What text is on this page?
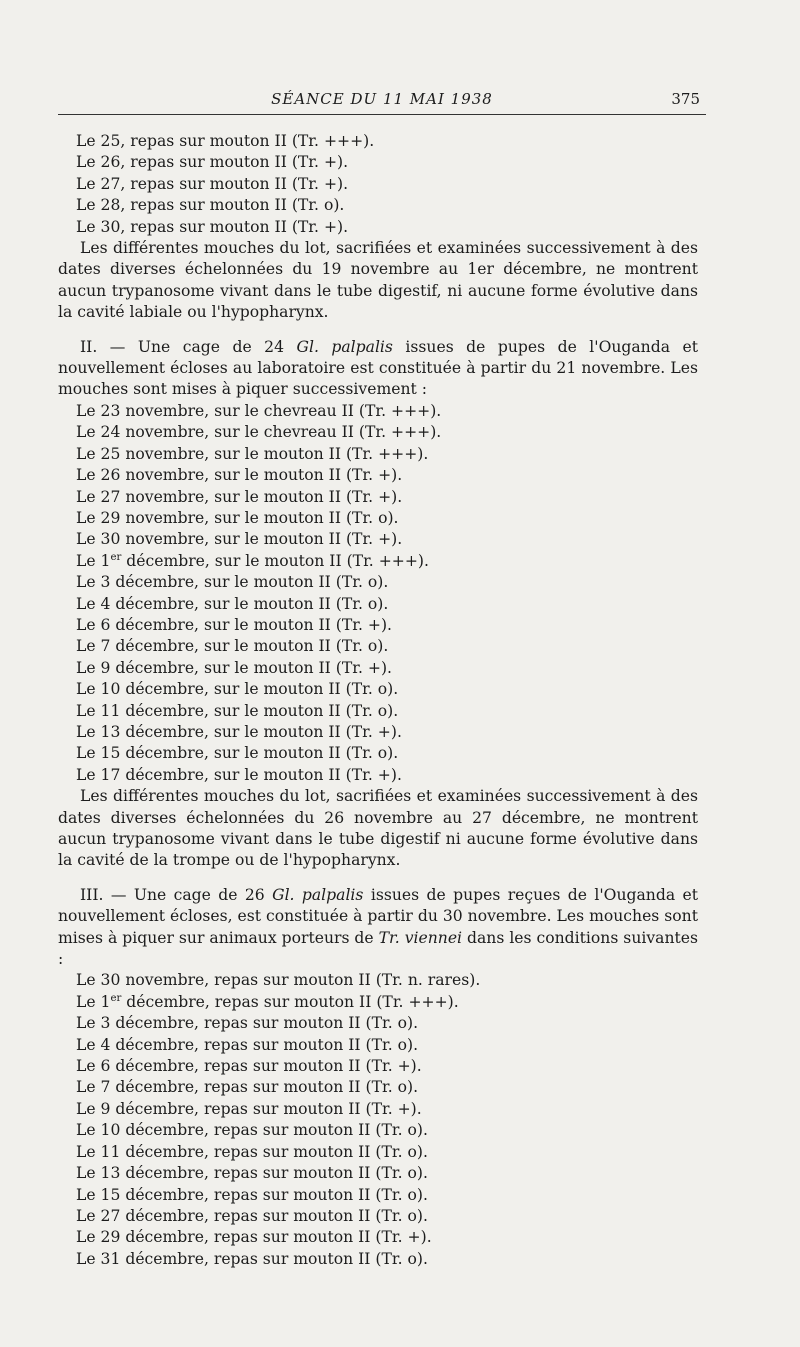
SÉANCE DU 11 MAI 1938	375

Le 25, repas sur mouton II (Tr. +++).

Le 26, repas sur mouton II (Tr. +).

Le 27, repas sur mouton II (Tr. +).

Le 28, repas sur mouton II (Tr. o).

Le 30, repas sur mouton II (Tr. +).

Les différentes mouches du lot, sacrifiées et examinées successivement à des dates diverses échelonnées du 19 novembre au 1er décembre, ne montrent aucun trypanosome vivant dans le tube digestif, ni aucune forme évolutive dans la cavité labiale ou l'hypopharynx.

II. — Une cage de 24 Gl. palpalis issues de pupes de l'Ouganda et nouvellement écloses au laboratoire est constituée à partir du 21 novembre. Les mouches sont mises à piquer successivement :

Le 23 novembre, sur le chevreau II (Tr. +++).

Le 24 novembre, sur le chevreau II (Tr. +++).

Le 25 novembre, sur le mouton II (Tr. +++).

Le 26 novembre, sur le mouton II (Tr. +).

Le 27 novembre, sur le mouton II (Tr. +).

Le 29 novembre, sur le mouton II (Tr. o).

Le 30 novembre, sur le mouton II (Tr. +).

Le 1er décembre, sur le mouton II (Tr. +++).

Le 3 décembre, sur le mouton II (Tr. o).

Le 4 décembre, sur le mouton II (Tr. o).

Le 6 décembre, sur le mouton II (Tr. +).

Le 7 décembre, sur le mouton II (Tr. o).

Le 9 décembre, sur le mouton II (Tr. +).

Le 10 décembre, sur le mouton II (Tr. o).

Le 11 décembre, sur le mouton II (Tr. o).

Le 13 décembre, sur le mouton II (Tr. +).

Le 15 décembre, sur le mouton II (Tr. o).

Le 17 décembre, sur le mouton II (Tr. +).

Les différentes mouches du lot, sacrifiées et examinées successivement à des dates diverses échelonnées du 26 novembre au 27 décembre, ne montrent aucun trypanosome vivant dans le tube digestif ni aucune forme évolutive dans la cavité de la trompe ou de l'hypopharynx.

III. — Une cage de 26 Gl. palpalis issues de pupes reçues de l'Ouganda et nouvellement écloses, est constituée à partir du 30 novembre. Les mouches sont mises à piquer sur animaux porteurs de Tr. viennei dans les conditions suivantes :

Le 30 novembre, repas sur mouton II (Tr. n. rares).

Le 1er décembre, repas sur mouton II (Tr. +++).

Le 3 décembre, repas sur mouton II (Tr. o).

Le 4 décembre, repas sur mouton II (Tr. o).

Le 6 décembre, repas sur mouton II (Tr. +).

Le 7 décembre, repas sur mouton II (Tr. o).

Le 9 décembre, repas sur mouton II (Tr. +).

Le 10 décembre, repas sur mouton II (Tr. o).

Le 11 décembre, repas sur mouton II (Tr. o).

Le 13 décembre, repas sur mouton II (Tr. o).

Le 15 décembre, repas sur mouton II (Tr. o).

Le 27 décembre, repas sur mouton II (Tr. o).

Le 29 décembre, repas sur mouton II (Tr. +).

Le 31 décembre, repas sur mouton II (Tr. o).
